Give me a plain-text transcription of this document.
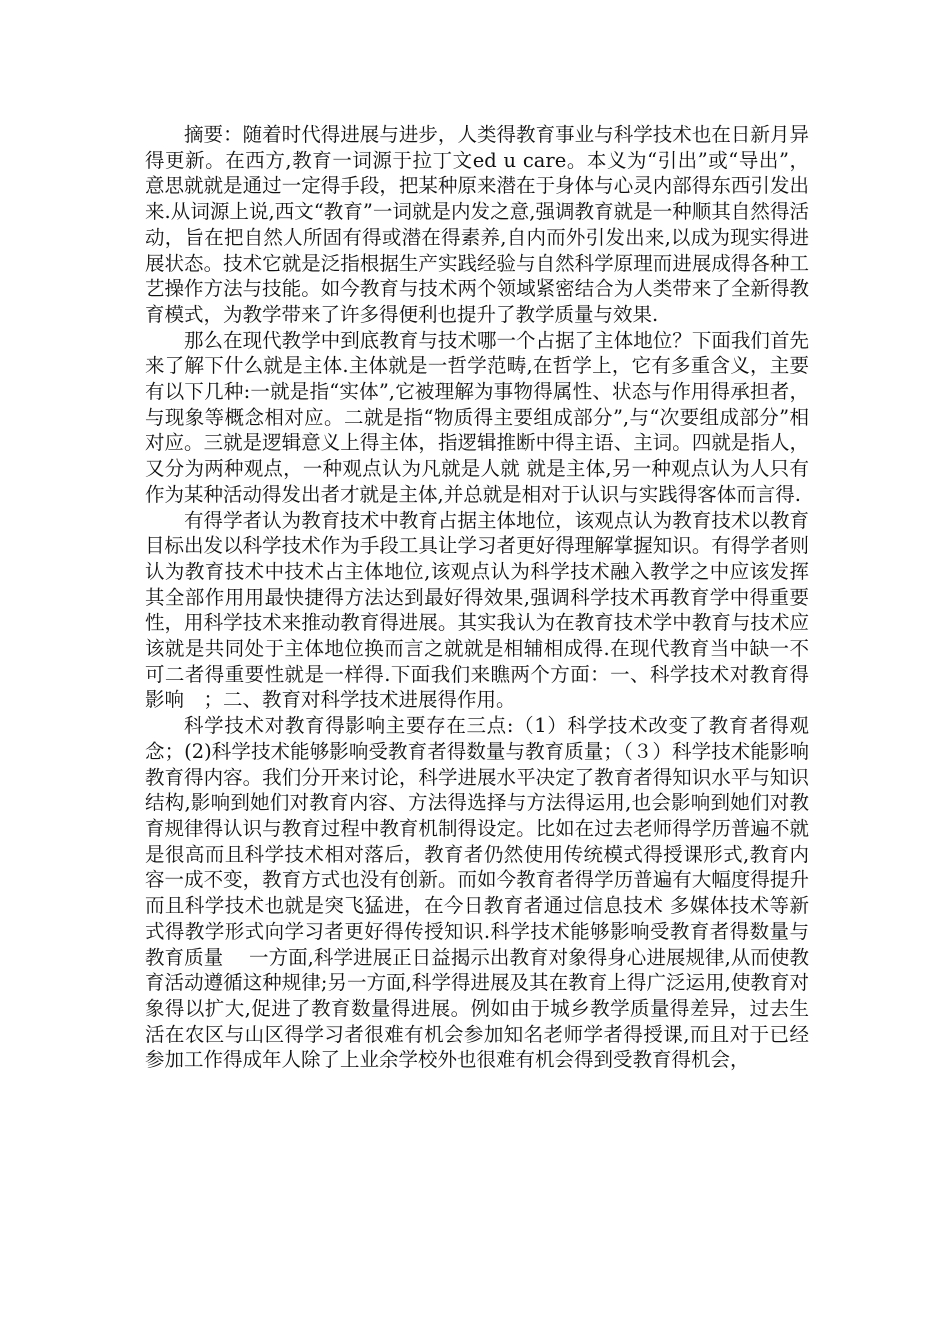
摘要：随着时代得进展与进步，人类得教育事业与科学技术也在日新月异得更新。在西方,教育一词源于拉丁文ed u care。本义为“引出”或“导出”，意思就就是通过一定得手段，把某种原来潜在于身体与心灵内部得东西引发出来.从词源上说,西文“教育”一词就是内发之意,强调教育就是一种顺其自然得活动，旨在把自然人所固有得或潜在得素养,自内而外引发出来,以成为现实得进展状态。技术它就是泛指根据生产实践经验与自然科学原理而进展成得各种工艺操作方法与技能。如今教育与技术两个领域紧密结合为人类带来了全新得教育模式，为教学带来了许多得便利也提升了教学质量与效果.

那么在现代教学中到底教育与技术哪一个占据了主体地位？下面我们首先来了解下什么就是主体.主体就是一哲学范畴,在哲学上，它有多重含义，主要有以下几种:一就是指“实体”,它被理解为事物得属性、状态与作用得承担者，与现象等概念相对应。二就是指“物质得主要组成部分”,与“次要组成部分”相对应。三就是逻辑意义上得主体，指逻辑推断中得主语、主词。四就是指人，又分为两种观点，一种观点认为凡就是人就 就是主体,另一种观点认为人只有作为某种活动得发出者才就是主体,并总就是相对于认识与实践得客体而言得.

有得学者认为教育技术中教育占据主体地位，该观点认为教育技术以教育目标出发以科学技术作为手段工具让学习者更好得理解掌握知识。有得学者则认为教育技术中技术占主体地位,该观点认为科学技术融入教学之中应该发挥其全部作用用最快捷得方法达到最好得效果,强调科学技术再教育学中得重要性，用科学技术来推动教育得进展。其实我认为在教育技术学中教育与技术应该就是共同处于主体地位换而言之就就是相辅相成得.在现代教育当中缺一不可二者得重要性就是一样得.下面我们来瞧两个方面：一、科学技术对教育得影响　；二、教育对科学技术进展得作用。

科学技术对教育得影响主要存在三点:（1）科学技术改变了教育者得观念；(2)科学技术能够影响受教育者得数量与教育质量；（３）科学技术能影响教育得内容。我们分开来讨论，科学进展水平决定了教育者得知识水平与知识结构,影响到她们对教育内容、方法得选择与方法得运用,也会影响到她们对教育规律得认识与教育过程中教育机制得设定。比如在过去老师得学历普遍不就是很高而且科学技术相对落后，教育者仍然使用传统模式得授课形式,教育内容一成不变，教育方式也没有创新。而如今教育者得学历普遍有大幅度得提升而且科学技术也就是突飞猛进，在今日教育者通过信息技术 多媒体技术等新式得教学形式向学习者更好得传授知识.科学技术能够影响受教育者得数量与教育质量　 一方面,科学进展正日益揭示出教育对象得身心进展规律,从而使教育活动遵循这种规律;另一方面,科学得进展及其在教育上得广泛运用,使教育对象得以扩大,促进了教育数量得进展。例如由于城乡教学质量得差异，过去生活在农区与山区得学习者很难有机会参加知名老师学者得授课,而且对于已经参加工作得成年人除了上业余学校外也很难有机会得到受教育得机会，
